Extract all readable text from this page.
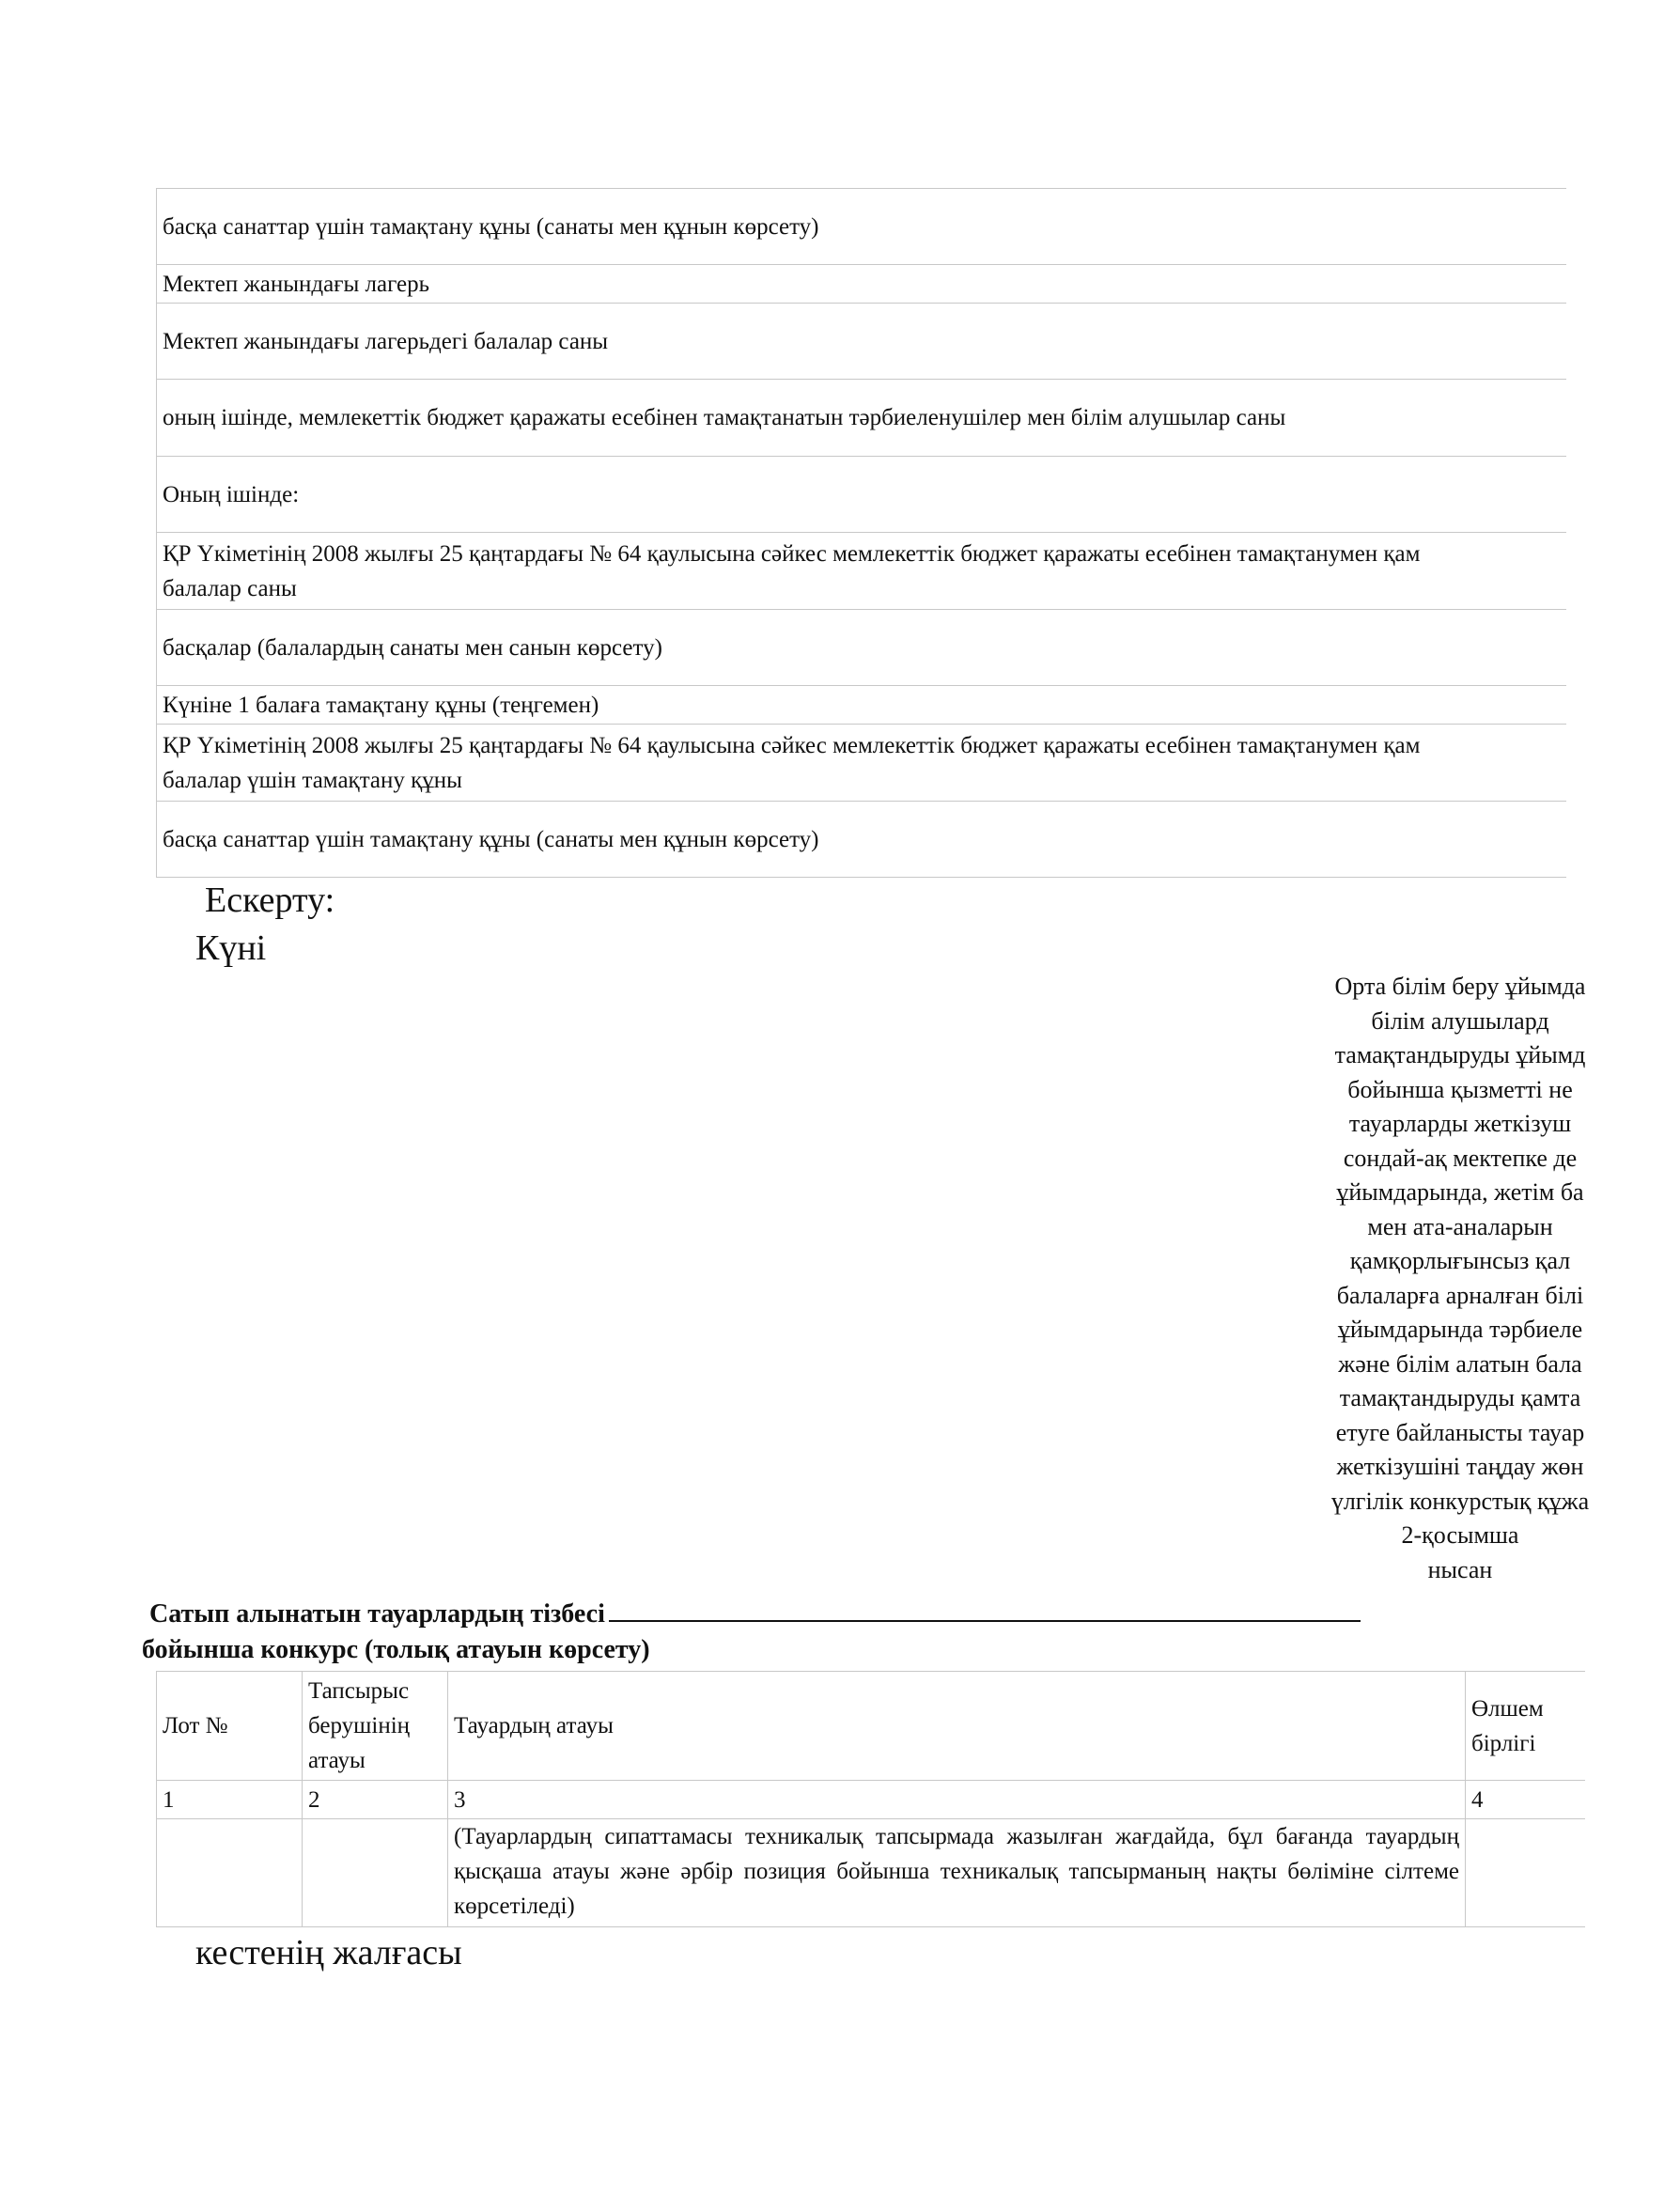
басқа санаттар үшін тамақтану құны (санаты мен құнын көрсету)
Мектеп жанындағы лагерь
Мектеп жанындағы лагерьдегі балалар саны
оның ішінде, мемлекеттік бюджет қаражаты есебінен тамақтанатын тәрбиеленушілер мен білім алушылар саны
Оның ішінде:

ҚР Үкіметінің 2008 жылғы 25 қаңтардағы № 64 қаулысына сәйкес мемлекеттік бюджет қаражаты есебінен тамақтанумен қам
балалар саны

басқалар (балалардың санаты мен санын көрсету)
Күніне 1 балаға тамақтану құны (теңгемен)

ҚР Үкіметінің 2008 жылғы 25 қаңтардағы № 64 қаулысына сәйкес мемлекеттік бюджет қаражаты есебінен тамақтанумен қам
балалар үшін тамақтану құны

басқа санаттар үшін тамақтану құны (санаты мен құнын көрсету)
Ескерту:
Күні
Орта білім беру ұйымда
білім алушылард
тамақтандыруды ұйымд
бойынша қызметті не
тауарларды жеткізуш
сондай-ақ мектепке де
ұйымдарында, жетім ба
мен ата-аналарын
қамқорлығынсыз қал
балаларға арналған білі
ұйымдарында тәрбиеле
және білім алатын бала
тамақтандыруды қамта
етуге байланысты тауар
жеткізушіні таңдау жөн
үлгілік конкурстық құжа
2-қосымша
нысан
Сатып алынатын тауарлардың тізбесі
бойынша конкурс (толық атауын көрсету)
Лот №	Тапсырыс берушінің атауы	Тауардың атауы	Өлшем
бірлігі

1	2	3	4
		(Тауарлардың сипаттамасы техникалық тапсырмада жазылған жағдайда, бұл бағанда тауардың қысқаша атауы және әрбір позиция бойынша техникалық тапсырманың нақты бөліміне сілтеме көрсетіледі)	
кестенің жалғасы
